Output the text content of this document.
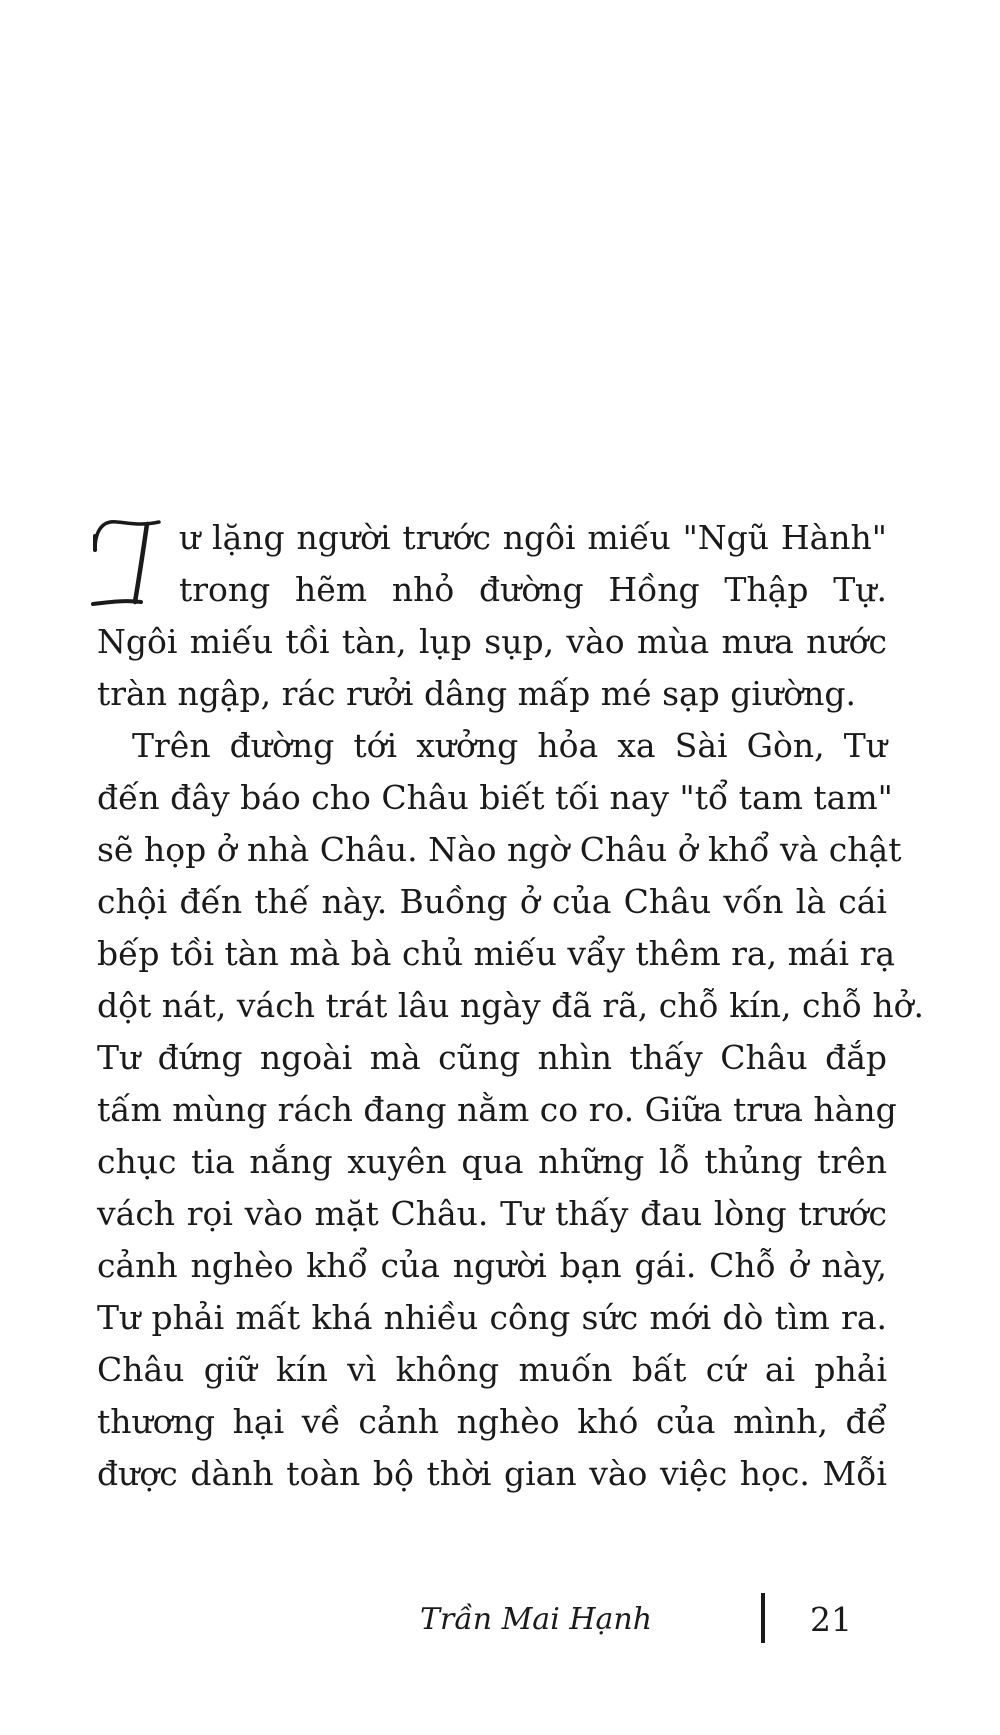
T	ư lặng người trước ngôi miếu "Ngũ Hành"
trong hẽm nhỏ đường Hồng Thập Tự.
Ngôi miếu tồi tàn, lụp sụp, vào mùa mưa nước
tràn ngập, rác rưởi dâng mấp mé sạp giường.
Trên đường tới xưởng hỏa xa Sài Gòn, Tư
đến đây báo cho Châu biết tối nay "tổ tam tam"
sẽ họp ở nhà Châu. Nào ngờ Châu ở khổ và chật
chội đến thế này. Buồng ở của Châu vốn là cái
bếp tồi tàn mà bà chủ miếu vẩy thêm ra, mái rạ
dột nát, vách trát lâu ngày đã rã, chỗ kín, chỗ hở.
Tư đứng ngoài mà cũng nhìn thấy Châu đắp
tấm mùng rách đang nằm co ro. Giữa trưa hàng
chục tia nắng xuyên qua những lỗ thủng trên
vách rọi vào mặt Châu. Tư thấy đau lòng trước
cảnh nghèo khổ của người bạn gái. Chỗ ở này,
Tư phải mất khá nhiều công sức mới dò tìm ra.
Châu giữ kín vì không muốn bất cứ ai phải
thương hại về cảnh nghèo khó của mình, để
được dành toàn bộ thời gian vào việc học. Mỗi
Trần Mai Hạnh	21
